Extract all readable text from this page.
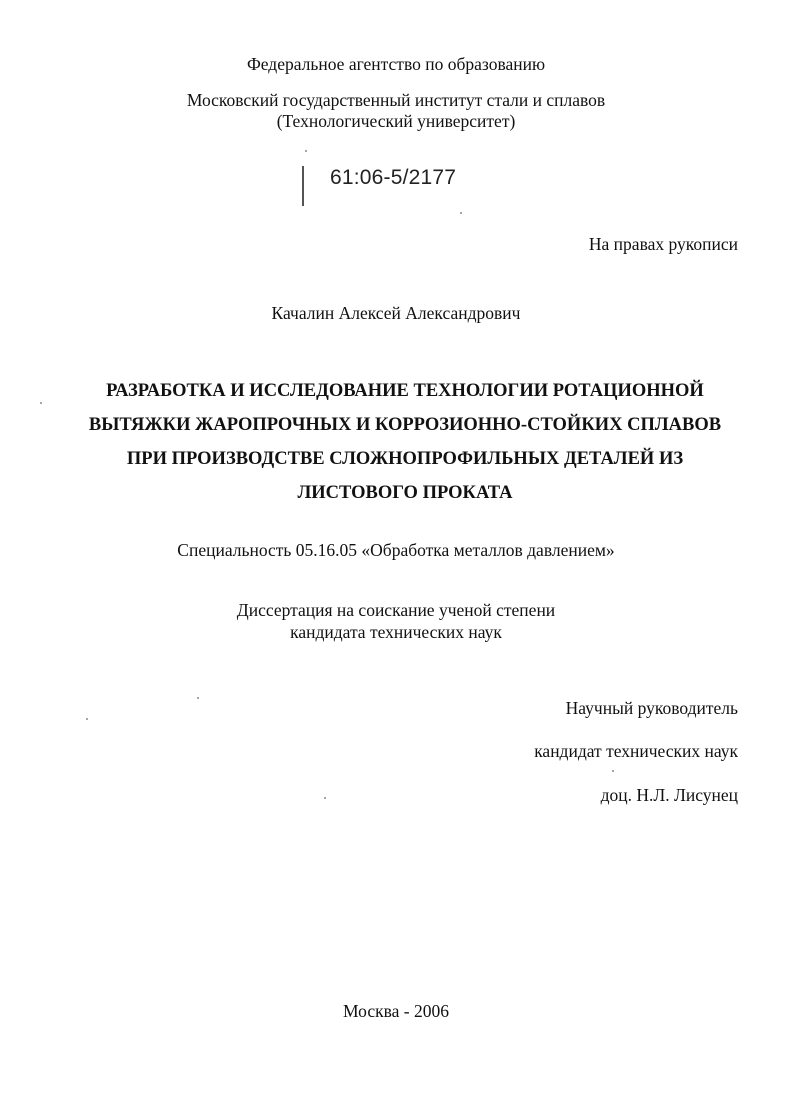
Федеральное агентство по образованию
Московский государственный институт стали и сплавов
(Технологический университет)
61:06-5/2177
На правах рукописи
Качалин Алексей Александрович
РАЗРАБОТКА И ИССЛЕДОВАНИЕ ТЕХНОЛОГИИ РОТАЦИОННОЙ
ВЫТЯЖКИ ЖАРОПРОЧНЫХ И КОРРОЗИОННО-СТОЙКИХ СПЛАВОВ
ПРИ ПРОИЗВОДСТВЕ СЛОЖНОПРОФИЛЬНЫХ ДЕТАЛЕЙ ИЗ
ЛИСТОВОГО ПРОКАТА
Специальность 05.16.05 «Обработка металлов давлением»
Диссертация на соискание ученой степени
кандидата технических наук
Научный руководитель
кандидат технических наук
доц. Н.Л. Лисунец
Москва - 2006
